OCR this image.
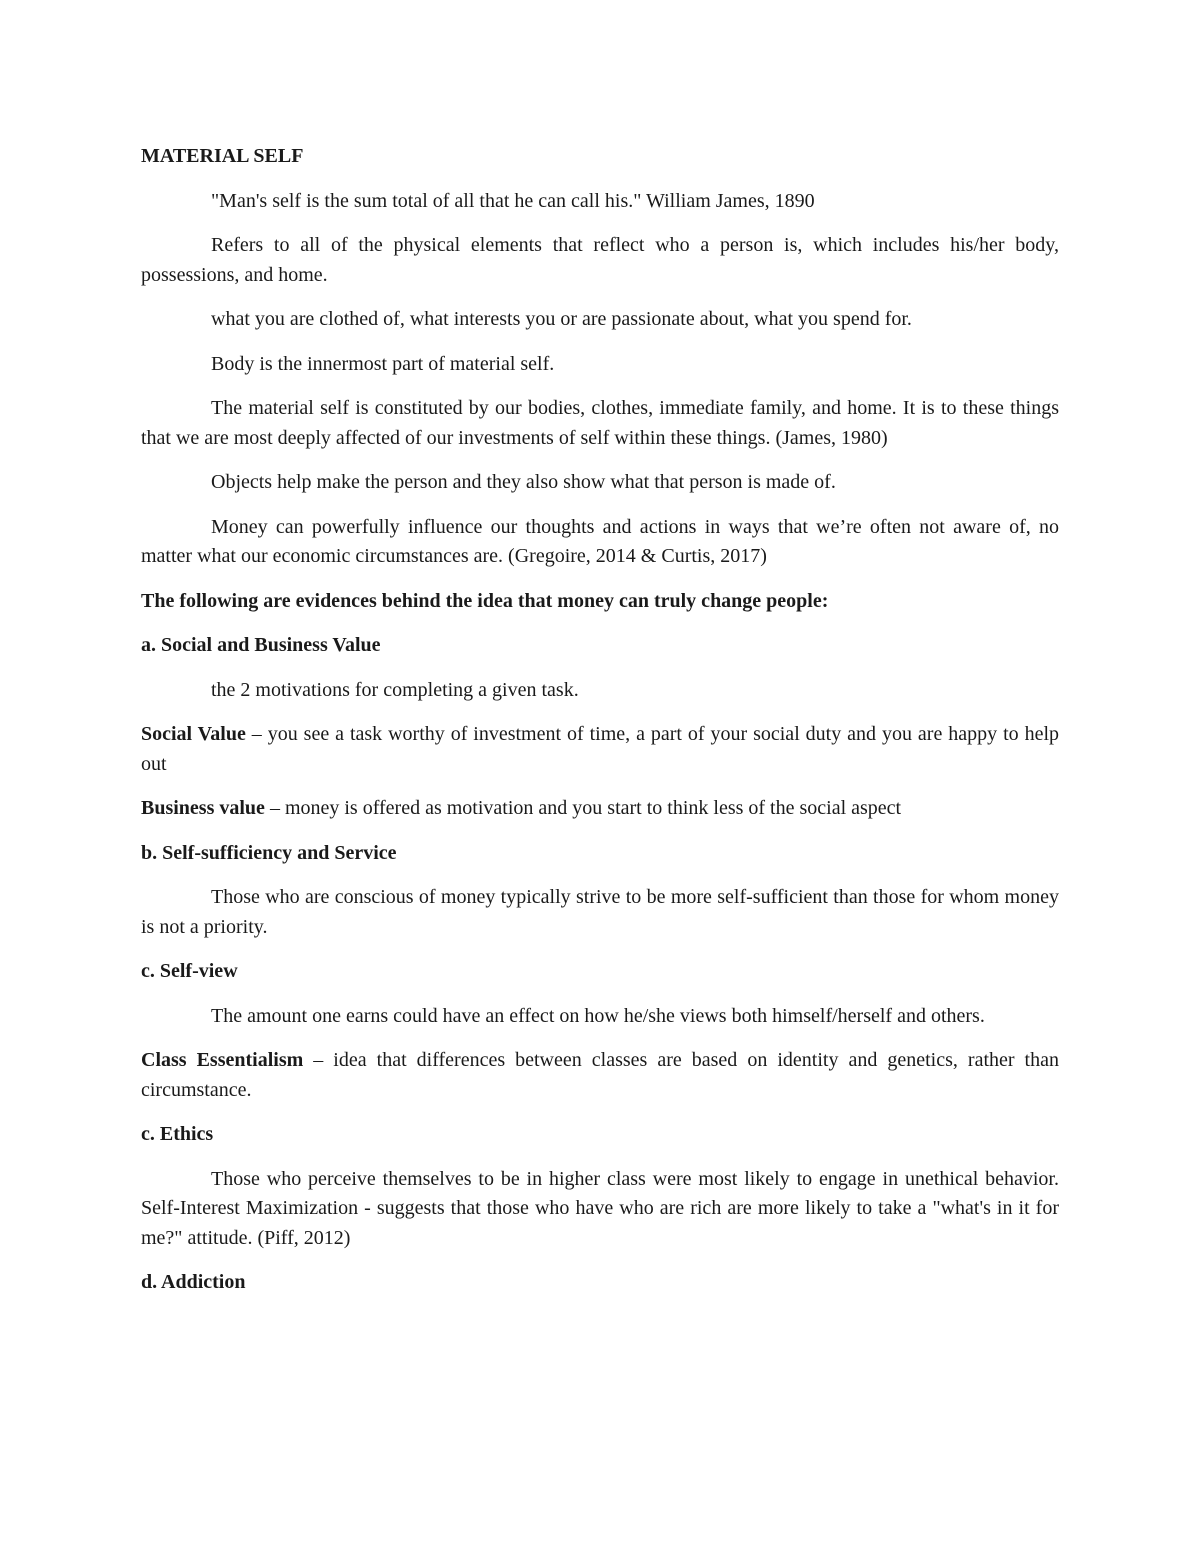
MATERIAL SELF

"Man's self is the sum total of all that he can call his." William James, 1890

Refers to all of the physical elements that reflect who a person is, which includes his/her body, possessions, and home.

what you are clothed of, what interests you or are passionate about, what you spend for.

Body is the innermost part of material self.

The material self is constituted by our bodies, clothes, immediate family, and home. It is to these things that we are most deeply affected of our investments of self within these things. (James, 1980)

Objects help make the person and they also show what that person is made of.

Money can powerfully influence our thoughts and actions in ways that we’re often not aware of, no matter what our economic circumstances are. (Gregoire, 2014 & Curtis, 2017)

The following are evidences behind the idea that money can truly change people:

a. Social and Business Value

the 2 motivations for completing a given task.

Social Value – you see a task worthy of investment of time, a part of your social duty and you are happy to help out

Business value – money is offered as motivation and you start to think less of the social aspect

b. Self-sufficiency and Service

Those who are conscious of money typically strive to be more self-sufficient than those for whom money is not a priority.

c. Self-view

The amount one earns could have an effect on how he/she views both himself/herself and others.

Class Essentialism – idea that differences between classes are based on identity and genetics, rather than circumstance.

c. Ethics

Those who perceive themselves to be in higher class were most likely to engage in unethical behavior. Self-Interest Maximization - suggests that those who have who are rich are more likely to take a "what's in it for me?" attitude. (Piff, 2012)

d. Addiction
